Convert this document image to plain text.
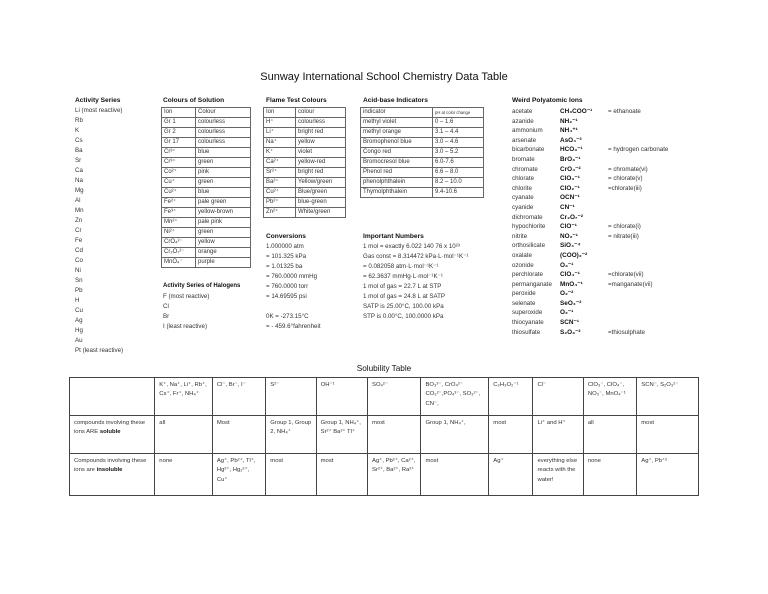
Sunway International School Chemistry Data Table
Activity Series
Li (most reactive)
Rb
K
Cs
Ba
Sr
Ca
Na
Mg
Al
Mn
Zn
Cr
Fe
Cd
Co
Ni
Sn
Pb
H
Cu
Ag
Hg
Au
Pt (least reactive)
Colours of Solution
Ion	Colour
Gr 1	colourless
Gr 2	colourless
Gr 17	colourless
Cr³⁺	blue
Cr³⁺	green
Co²⁺	pink
Cu⁺	green
Cu²⁺	blue
Fe²⁺	pale green
Fe³⁺	yellow-brown
Mn²⁺	pale pink
Ni²⁺	green
CrO₄²⁻	yellow
Cr₂O₇²⁻	orange
MnO₄⁻	purple
Activity Series of Halogens
F (most reactive)
Cl
Br
I (least reactive)
Flame Test Colours
Ion	colour
H⁺	colourless
Li⁺	bright red
Na⁺	yellow
K⁺	violet
Ca²⁺	yellow-red
Sr²⁺	bright red
Ba²⁺	Yellow/green
Cu²⁺	Blue/green
Pb²⁺	blue-green
Zn²⁺	White/green
Conversions
1.000000 atm
= 101.325 kPa
= 1.01325 ba
= 760.0000 mmHg
= 760.0000 torr
= 14.69595 psi
0K = -273.15°C
= - 459.6°fahrenheit
Acid-base Indicators
indicator	pH at color change
methyl violet	0 – 1.6
methyl orange	3.1 – 4.4
Bromophenol blue	3.0 – 4.6
Congo red	3.0 – 5.2
Bromocresol blue	6.0-7.6
Phenol red	6.6 – 8.0
phenolphthalein	8.2 – 10.0
Thymolphthalein	9.4-10.6
Important Numbers
1 mol = exactly 6.022 140 76 x 10²³
Gas const = 8.314472 kPa·L·mol⁻¹K⁻¹
= 0.082058 atm·L·mol⁻¹K⁻¹
= 62.3637 mmHg·L·mol⁻¹K⁻¹
1 mol of gas = 22.7 L at STP
1 mol of gas = 24.8 L at SATP
SATP is 25.00°C, 100.00 kPa
STP is 0.00°C, 100.0000 kPa
Weird Polyatomic Ions
acetate	CH₃COO⁻¹	= ethanoate
azanide	NH₂⁻¹
ammonium	NH₄⁺¹
arsenate	AsO₄⁻³
bicarbonate HCO₃⁻¹	= hydrogen carbonate
bromate	BrO₃⁻¹
chromate	CrO₄⁻²	= chromate(vi)
chlorate	ClO₃⁻¹	= chlorate(v)
chlorite	ClO₂⁻¹	=chlorate(iii)
cyanate	OCN⁻¹
cyanide	CN⁻¹
dichromate	Cr₂O₇⁻²
hypochlorite ClO⁻¹	= chlorate(i)
nitrite	NO₂⁻¹	= nitrate(iii)
orthosilicate SiO₄⁻⁴
oxalate	(COO)₂⁻²
ozonide	O₃⁻¹
perchlorate	ClO₄⁻¹	=chlorate(vii)
permanganate MnO₄⁻¹	=manganate(vii)
peroxide	O₂⁻²
selenate	SeO₄⁻²
superoxide	O₂⁻¹
thiocyanate	SCN⁻¹
thiosulfate	S₂O₃⁻²	=thiosulphate
Solubility Table
	K⁺, Na⁺, Li⁺, Rb⁺, Cs⁺, Fr⁺, NH₄⁺	Cl⁻, Br⁻, I⁻	S²⁻	OH⁻¹	SO₄²⁻	BO₃³⁻, CrO₄²⁻ CO₃²⁻,PO₄³⁻, SO₃²⁻, CN⁻,	C₂H₃O₂⁻¹	Cl⁻	ClO₃⁻, ClO₄⁻, NO₃⁻, MnO₄⁻¹	SCN⁻, S₂O₃²⁻
compounds involving these ions ARE soluble	all	Most	Group 1, Group 2, NH₄⁺	Group 1, NH₄⁺, Sr²⁺ Ba²⁺ Tl⁺	most	Group 1, NH₄⁺,	most	Li⁺ and H⁺	all	most
Compounds involving these ions are insoluble	none	Ag⁺, Pb²⁺, Tl⁺, Hg²⁺, Hg₂²⁺, Cu⁺	most	most	Ag⁺, Pb²⁺, Ca²⁺, Sr²⁺, Ba²⁺, Ra²⁺	most	Ag⁺	everything else reacts with the water!	none	Ag⁺, Pb⁺²
